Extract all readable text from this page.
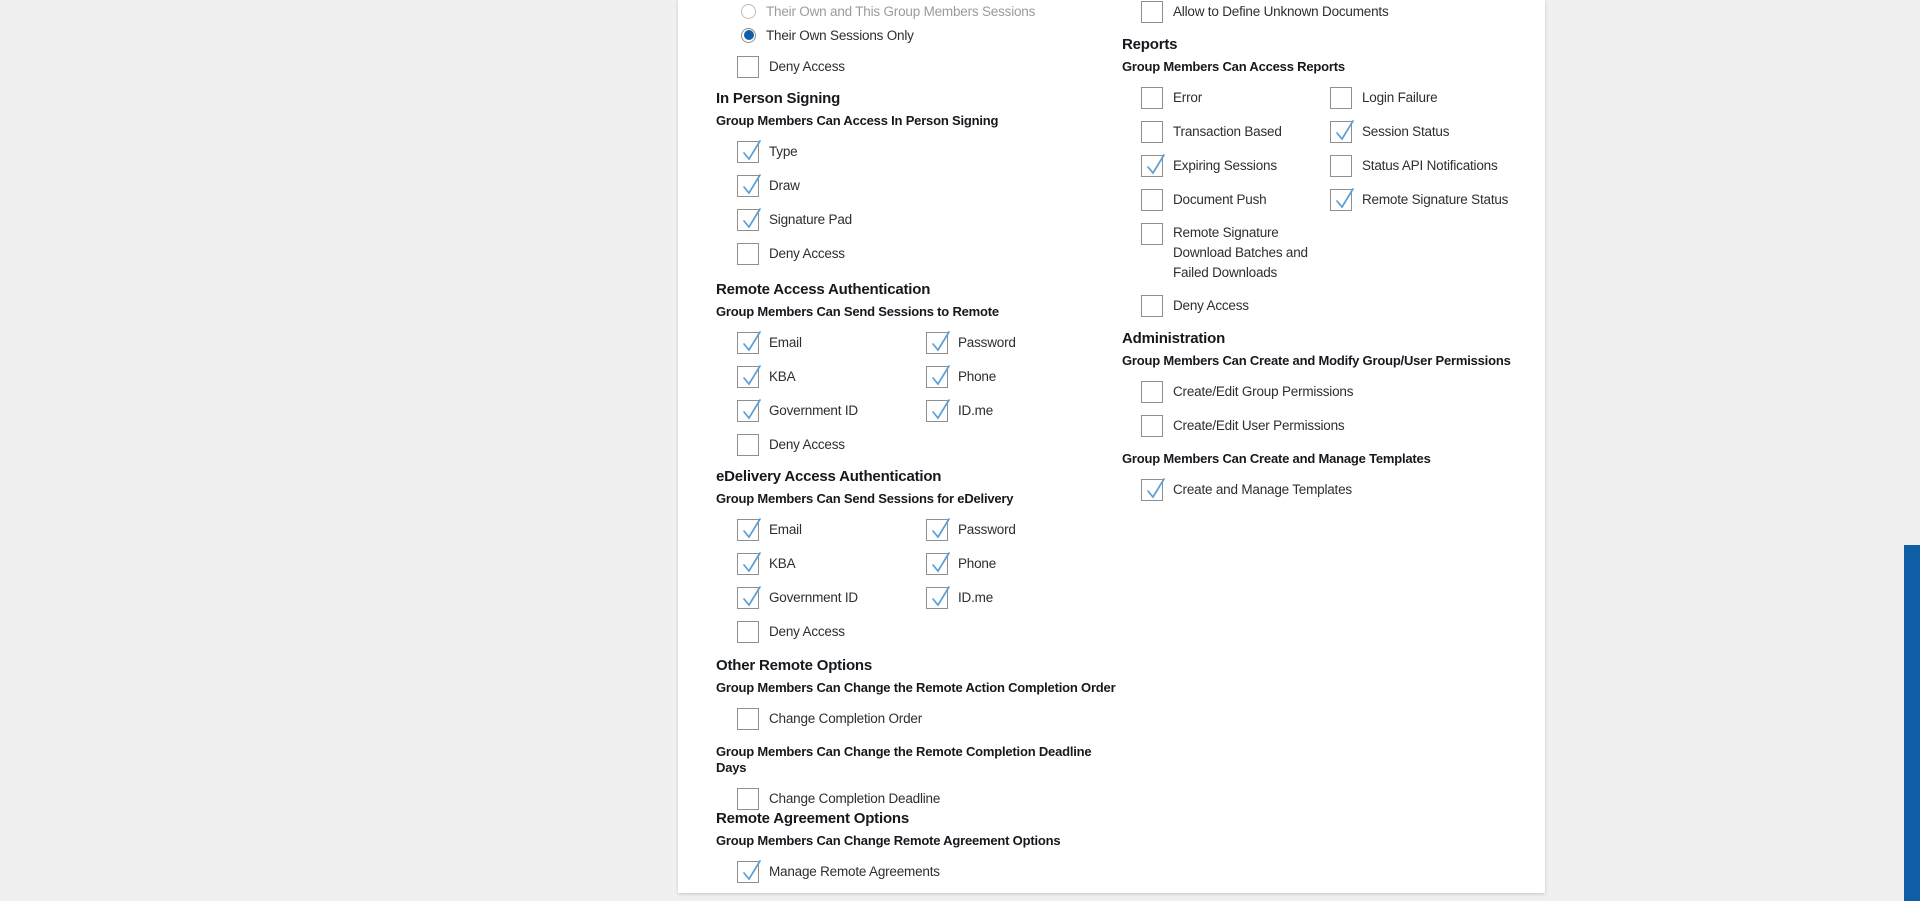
Their Own and This Group Members Sessions
Their Own Sessions Only
Deny Access
In Person Signing
Group Members Can Access In Person Signing
Type
Draw
Signature Pad
Deny Access
Remote Access Authentication
Group Members Can Send Sessions to Remote
Email	Password
KBA	Phone
Government ID	ID.me
Deny Access
eDelivery Access Authentication
Group Members Can Send Sessions for eDelivery
Email	Password
KBA	Phone
Government ID	ID.me
Deny Access
Other Remote Options
Group Members Can Change the Remote Action Completion Order
Change Completion Order
Group Members Can Change the Remote Completion Deadline Days
Change Completion Deadline
Remote Agreement Options
Group Members Can Change Remote Agreement Options
Manage Remote Agreements
Allow to Define Unknown Documents
Reports
Group Members Can Access Reports
Error	Login Failure
Transaction Based	Session Status
Expiring Sessions	Status API Notifications
Document Push	Remote Signature Status
Remote Signature Download Batches and Failed Downloads
Deny Access
Administration
Group Members Can Create and Modify Group/User Permissions
Create/Edit Group Permissions
Create/Edit User Permissions
Group Members Can Create and Manage Templates
Create and Manage Templates
